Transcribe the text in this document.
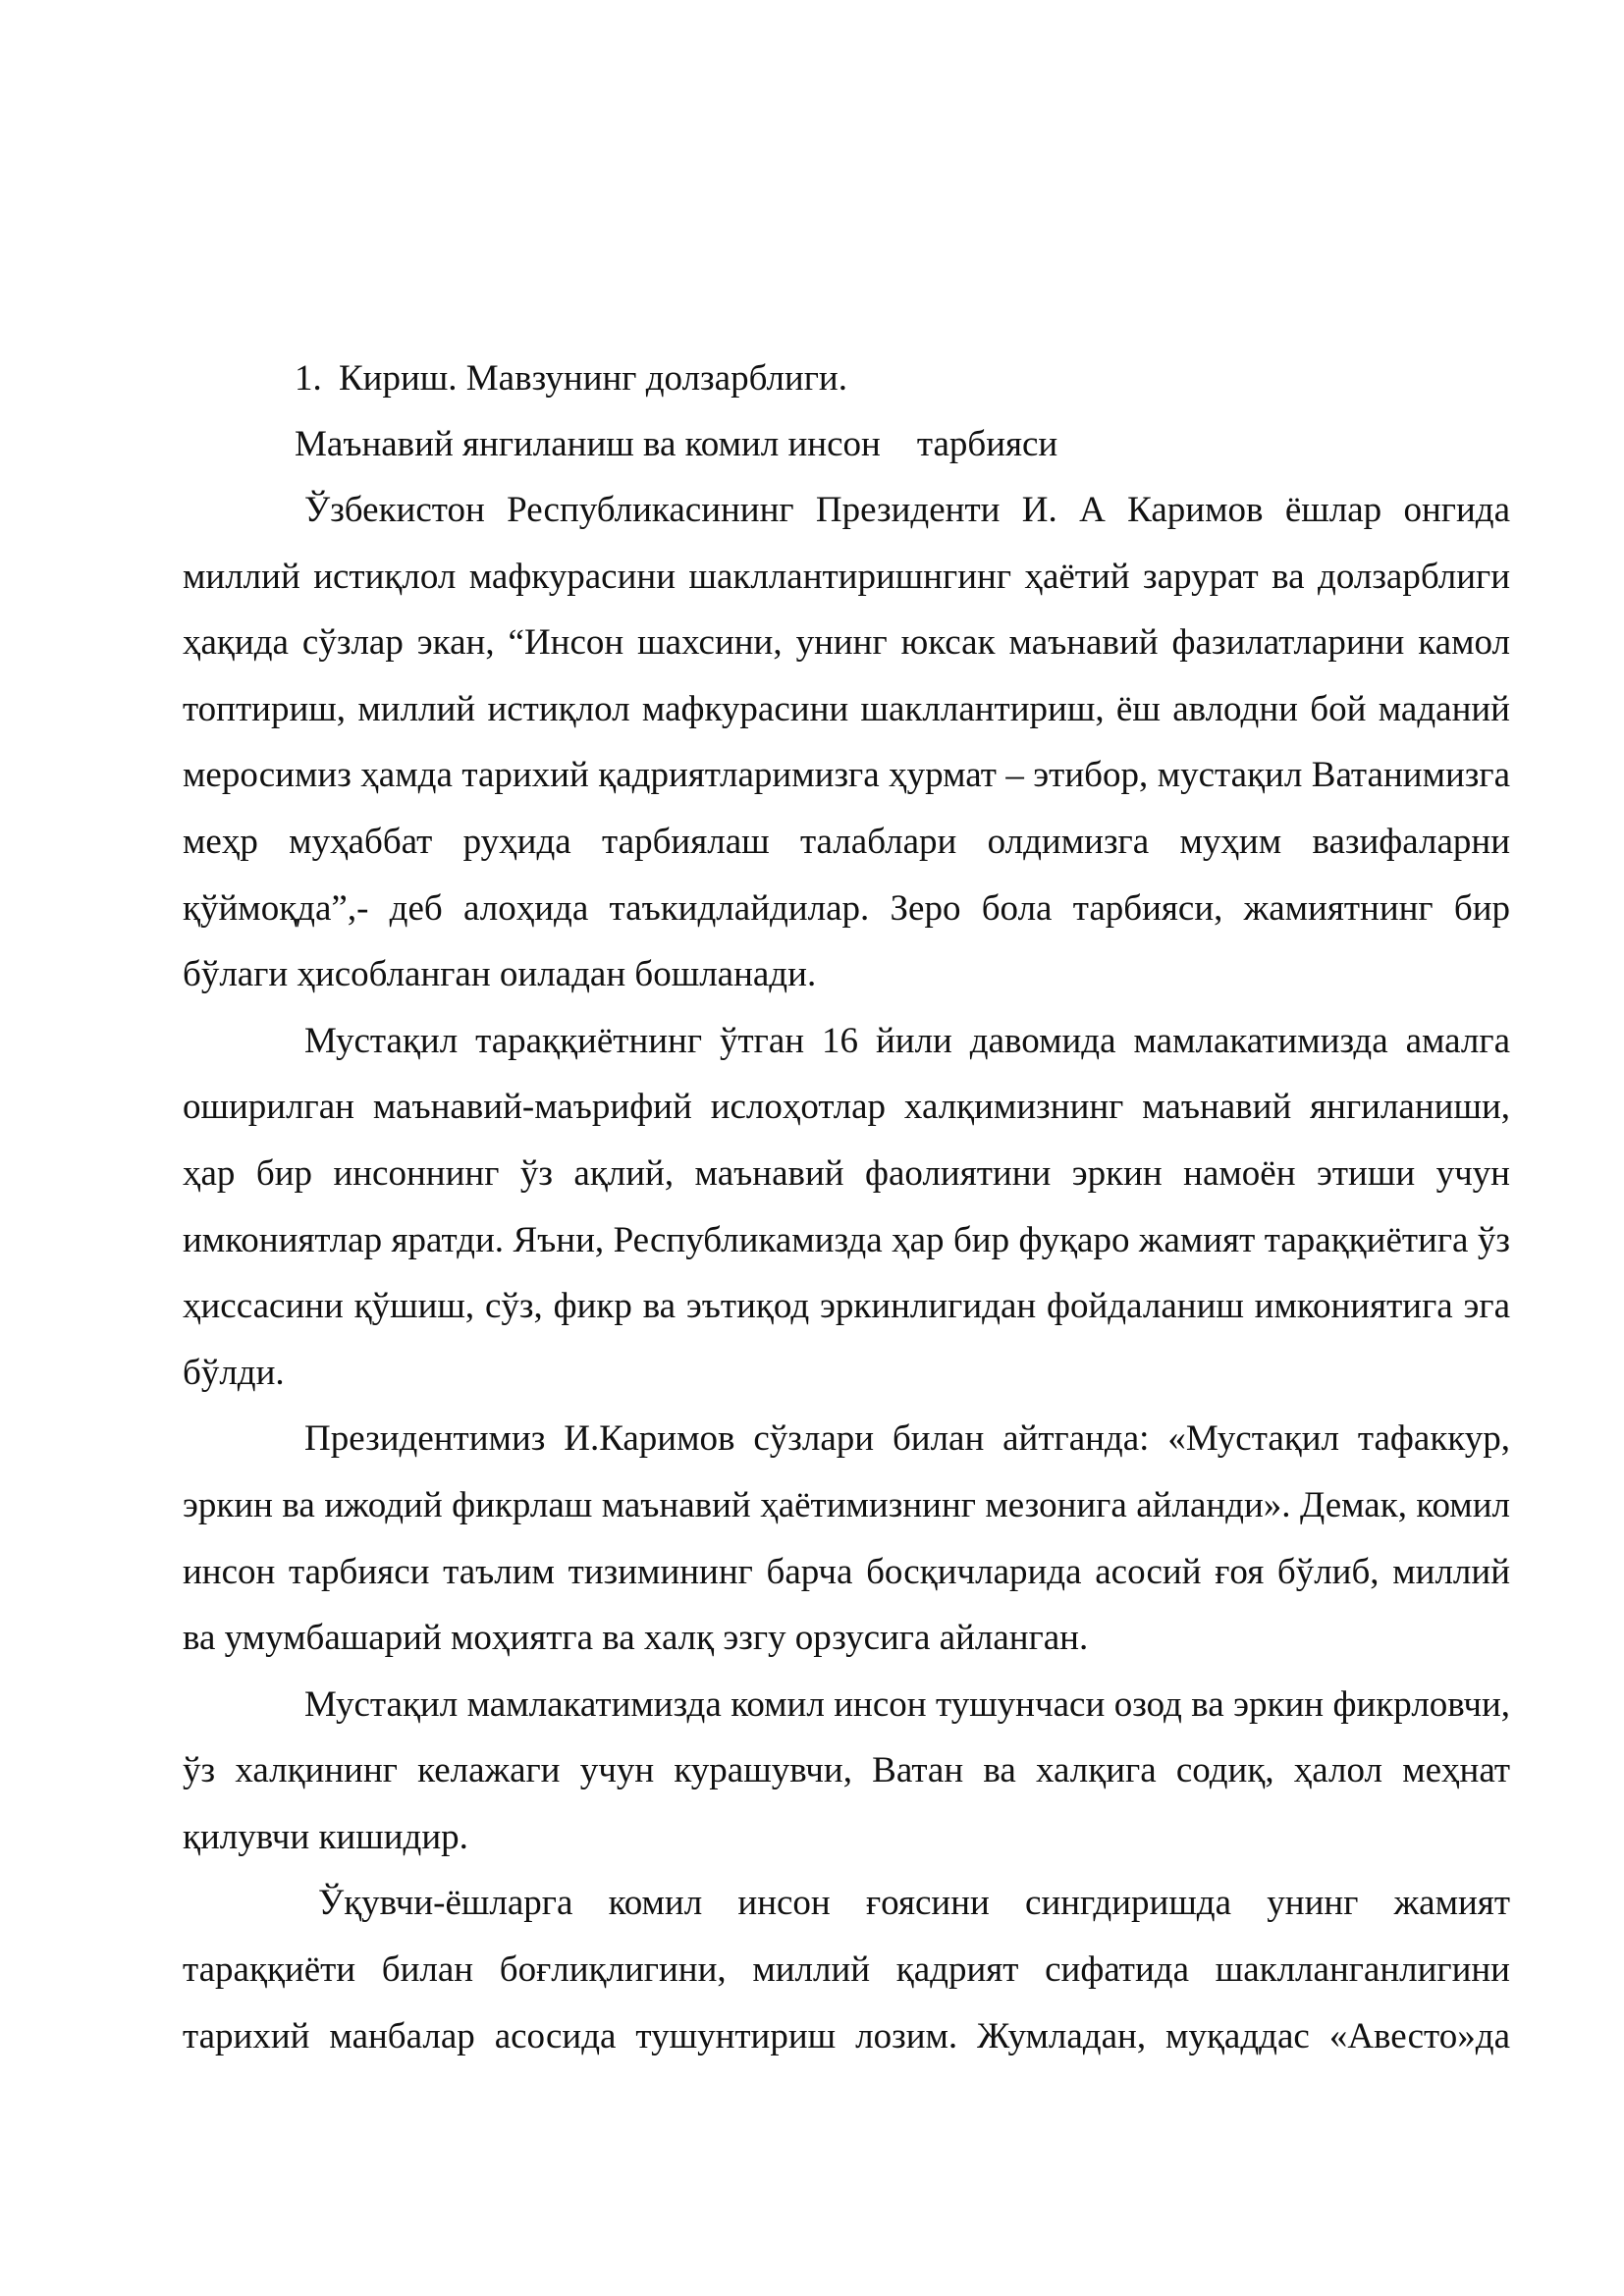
1. Кириш. Мавзунинг долзарблиги.

Маънавий янгиланиш ва комил инсон    тарбияси

Ўзбекистон Республикасининг Президенти И. А Каримов ёшлар онгида миллий истиқлол мафкурасини шакллантиришнгинг ҳаётий зарурат ва долзарблиги ҳақида сўзлар экан, “Инсон шахсини, унинг юксак маънавий фазилатларини камол топтириш, миллий истиқлол мафкурасини шакллантириш, ёш авлодни бой маданий меросимиз ҳамда тарихий қадриятларимизга ҳурмат – этибор, мустақил Ватанимизга меҳр муҳаббат руҳида тарбиялаш талаблари олдимизга муҳим вазифаларни қўймоқда”,- деб алоҳида таъкидлайдилар. Зеро бола тарбияси, жамиятнинг бир бўлаги ҳисобланган оиладан бошланади.

Мустақил тараққиётнинг ўтган 16 йили давомида мамлакатимизда амалга оширилган маънавий-маърифий ислоҳотлар халқимизнинг маънавий янгиланиши, ҳар бир инсоннинг ўз ақлий, маънавий фаолиятини эркин намоён этиши учун имкониятлар яратди. Яъни, Республикамизда ҳар бир фуқаро жамият тараққиётига ўз ҳиссасини қўшиш, сўз, фикр ва эътиқод эркинлигидан фойдаланиш имкониятига эга бўлди.

Президентимиз И.Каримов сўзлари билан айтганда: «Мустақил тафаккур, эркин ва ижодий фикрлаш маънавий ҳаётимизнинг мезонига айланди». Демак, комил инсон тарбияси таълим тизимининг барча босқичларида асосий ғоя бўлиб, миллий ва умумбашарий моҳиятга ва халқ эзгу орзусига айланган.

Мустақил мамлакатимизда комил инсон тушунчаси озод ва эркин фикрловчи, ўз халқининг келажаги учун курашувчи, Ватан ва халқига содиқ, ҳалол меҳнат қилувчи кишидир.

Ўқувчи-ёшларга комил инсон ғоясини сингдиришда унинг жамият тараққиёти билан боғлиқлигини, миллий қадрият сифатида шаклланганлигини тарихий манбалар асосида тушунтириш лозим. Жумладан, муқаддас «Авесто»да
